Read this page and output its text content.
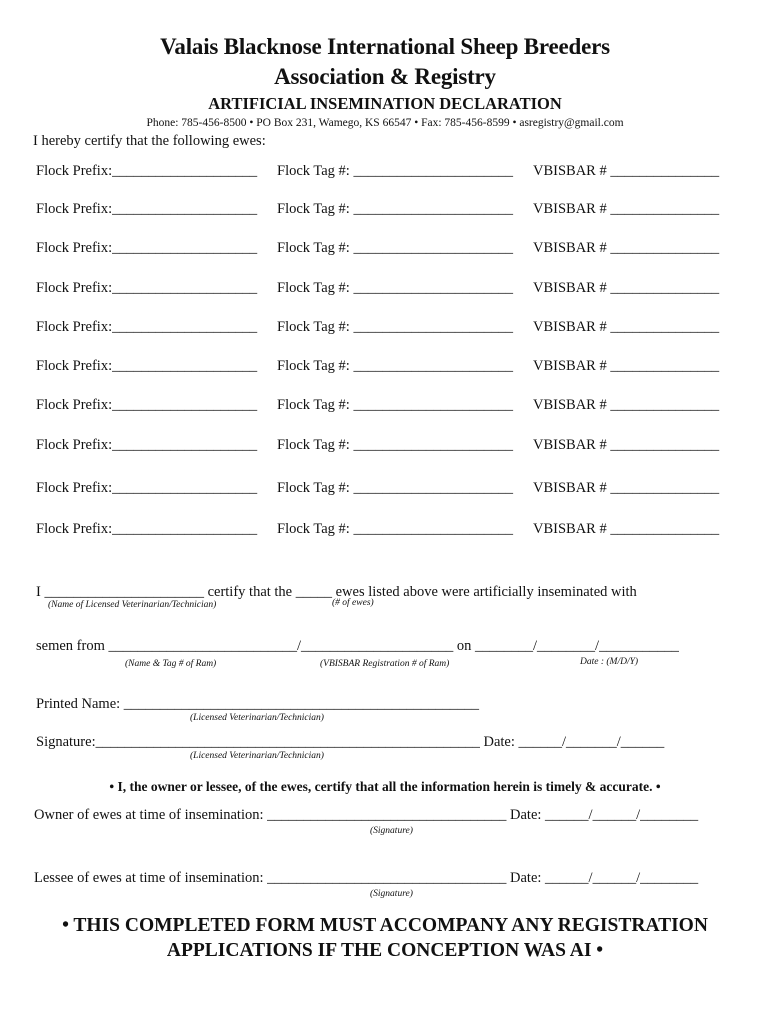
Valais Blacknose International Sheep Breeders
Association & Registry
ARTIFICIAL INSEMINATION DECLARATION
Phone: 785-456-8500 • PO Box 231, Wamego, KS 66547 • Fax: 785-456-8599 • asregistry@gmail.com
I hereby certify that the following ewes:
Flock Prefix:____________________ Flock Tag #: ______________________ VBISBAR # _______________
Flock Prefix:____________________ Flock Tag #: ______________________ VBISBAR # _______________
Flock Prefix:____________________ Flock Tag #: ______________________ VBISBAR # _______________
Flock Prefix:____________________ Flock Tag #: ______________________ VBISBAR # _______________
Flock Prefix:____________________ Flock Tag #: ______________________ VBISBAR # _______________
Flock Prefix:____________________ Flock Tag #: ______________________ VBISBAR # _______________
Flock Prefix:____________________ Flock Tag #: ______________________ VBISBAR # _______________
Flock Prefix:____________________ Flock Tag #: ______________________ VBISBAR # _______________
Flock Prefix:____________________ Flock Tag #: ______________________ VBISBAR # _______________
Flock Prefix:____________________ Flock Tag #: ______________________ VBISBAR # _______________
I ______________________ certify that the _____ ewes listed above were artificially inseminated with
(Name of Licensed Veterinarian/Technician)	(# of ewes)
semen from __________________________/_____________________ on ________/________/___________
(Name & Tag # of Ram)	(VBISBAR Registration # of Ram)	Date : (M/D/Y)
Printed Name: _________________________________________________
(Licensed Veterinarian/Technician)
Signature:_____________________________________________________ Date: ______/_______/______
(Licensed Veterinarian/Technician)
• I, the owner or lessee, of the ewes, certify that all the information herein is timely & accurate. •
Owner of ewes at time of insemination: _________________________________ Date: ______/______/________
(Signature)
Lessee of ewes at time of insemination: _________________________________ Date: ______/______/________
(Signature)
• THIS COMPLETED FORM MUST ACCOMPANY ANY REGISTRATION
APPLICATIONS IF THE CONCEPTION WAS AI •
